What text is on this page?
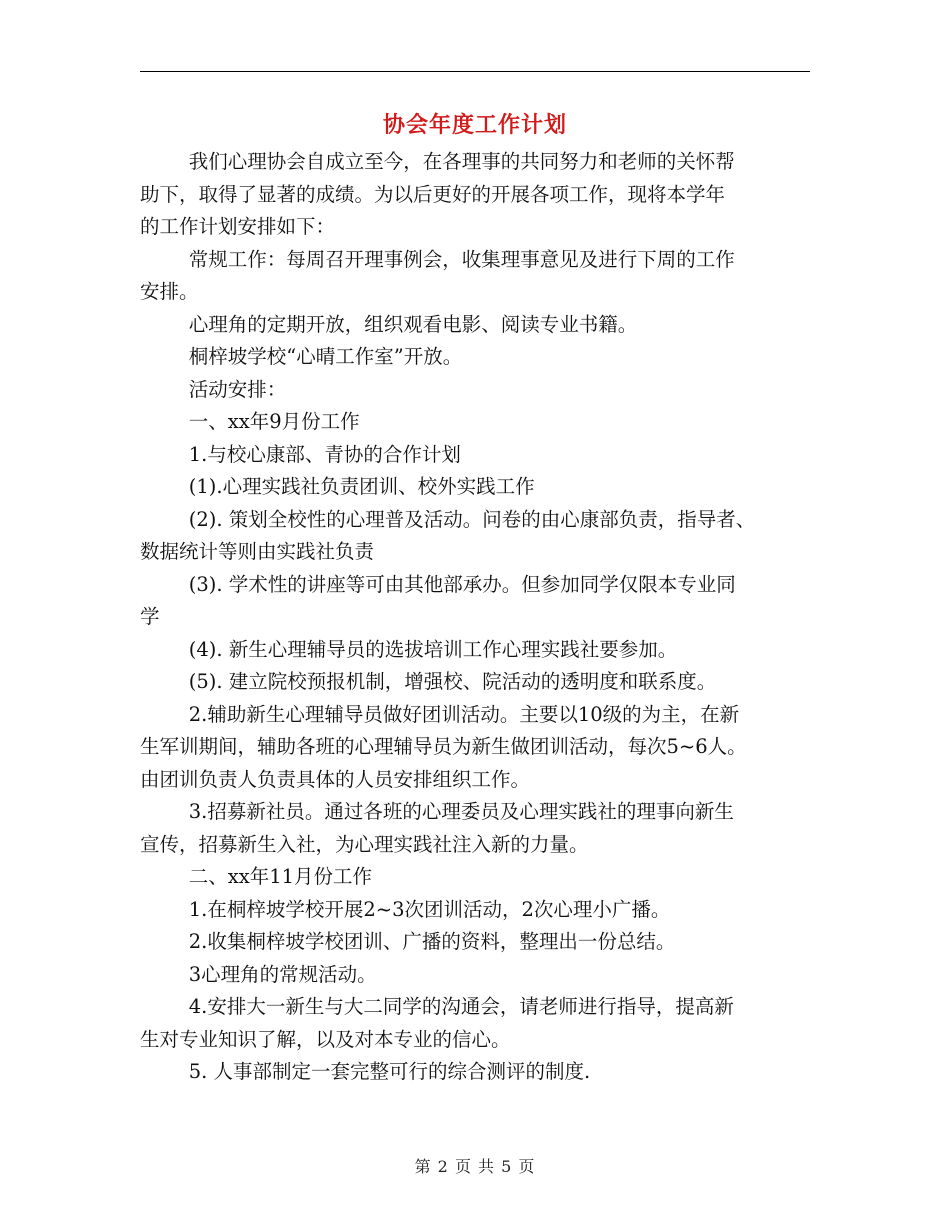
协会年度工作计划

我们心理协会自成立至今，在各理事的共同努力和老师的关怀帮

助下，取得了显著的成绩。为以后更好的开展各项工作，现将本学年

的工作计划安排如下：

常规工作：每周召开理事例会，收集理事意见及进行下周的工作

安排。

心理角的定期开放，组织观看电影、阅读专业书籍。

桐梓坡学校“心晴工作室”开放。

活动安排：

一、xx年9月份工作

1.与校心康部、青协的合作计划

(1).心理实践社负责团训、校外实践工作

(2). 策划全校性的心理普及活动。问卷的由心康部负责，指导者、

数据统计等则由实践社负责

(3). 学术性的讲座等可由其他部承办。但参加同学仅限本专业同

学

(4). 新生心理辅导员的选拔培训工作心理实践社要参加。

(5). 建立院校预报机制，增强校、院活动的透明度和联系度。

2.辅助新生心理辅导员做好团训活动。主要以10级的为主，在新

生军训期间，辅助各班的心理辅导员为新生做团训活动，每次5~6人。

由团训负责人负责具体的人员安排组织工作。

3.招募新社员。通过各班的心理委员及心理实践社的理事向新生

宣传，招募新生入社，为心理实践社注入新的力量。

二、xx年11月份工作

1.在桐梓坡学校开展2~3次团训活动，2次心理小广播。

2.收集桐梓坡学校团训、广播的资料，整理出一份总结。

3心理角的常规活动。

4.安排大一新生与大二同学的沟通会，请老师进行指导，提高新

生对专业知识了解，以及对本专业的信心。

5. 人事部制定一套完整可行的综合测评的制度.

第 2 页 共 5 页
